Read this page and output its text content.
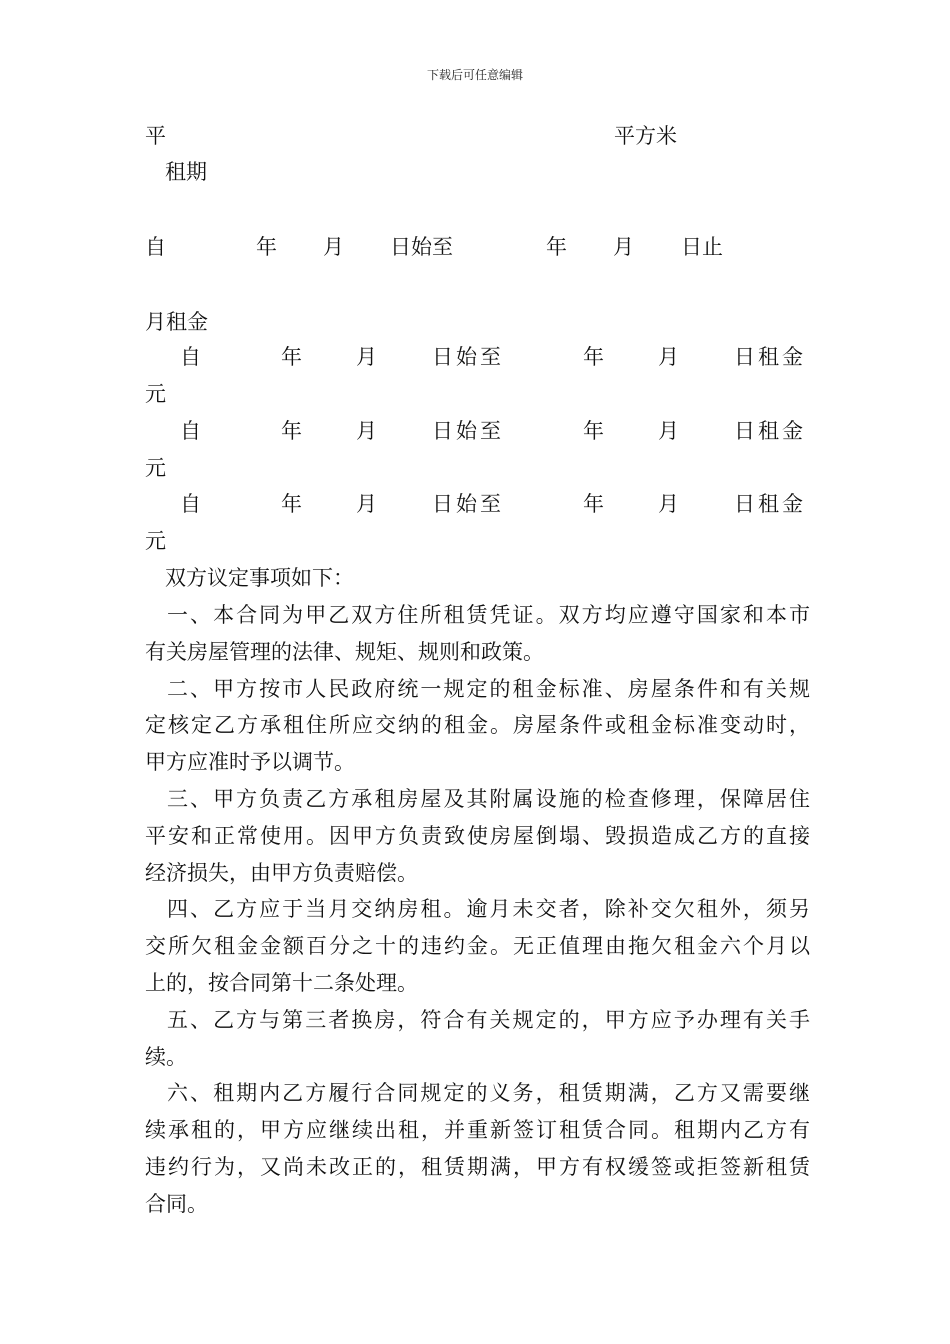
下载后可任意编辑
平	平方米
租期
自	年 月 日始至	年 月 日止
月租金
自	年	月	日始至	年	月	日租金
元
自	年	月	日始至	年	月	日租金
元
自	年	月	日始至	年	月	日租金
元
双方议定事项如下：
一、本合同为甲乙双方住所租赁凭证。双方均应遵守国家和本市
有关房屋管理的法律、规矩、规则和政策。
二、甲方按市人民政府统一规定的租金标准、房屋条件和有关规
定核定乙方承租住所应交纳的租金。房屋条件或租金标准变动时，
甲方应准时予以调节。
三、甲方负责乙方承租房屋及其附属设施的检查修理，保障居住
平安和正常使用。因甲方负责致使房屋倒塌、毁损造成乙方的直接
经济损失，由甲方负责赔偿。
四、乙方应于当月交纳房租。逾月未交者，除补交欠租外，须另
交所欠租金金额百分之十的违约金。无正值理由拖欠租金六个月以
上的，按合同第十二条处理。
五、乙方与第三者换房，符合有关规定的，甲方应予办理有关手
续。
六、租期内乙方履行合同规定的义务，租赁期满，乙方又需要继
续承租的，甲方应继续出租，并重新签订租赁合同。租期内乙方有
违约行为，又尚未改正的，租赁期满，甲方有权缓签或拒签新租赁
合同。
